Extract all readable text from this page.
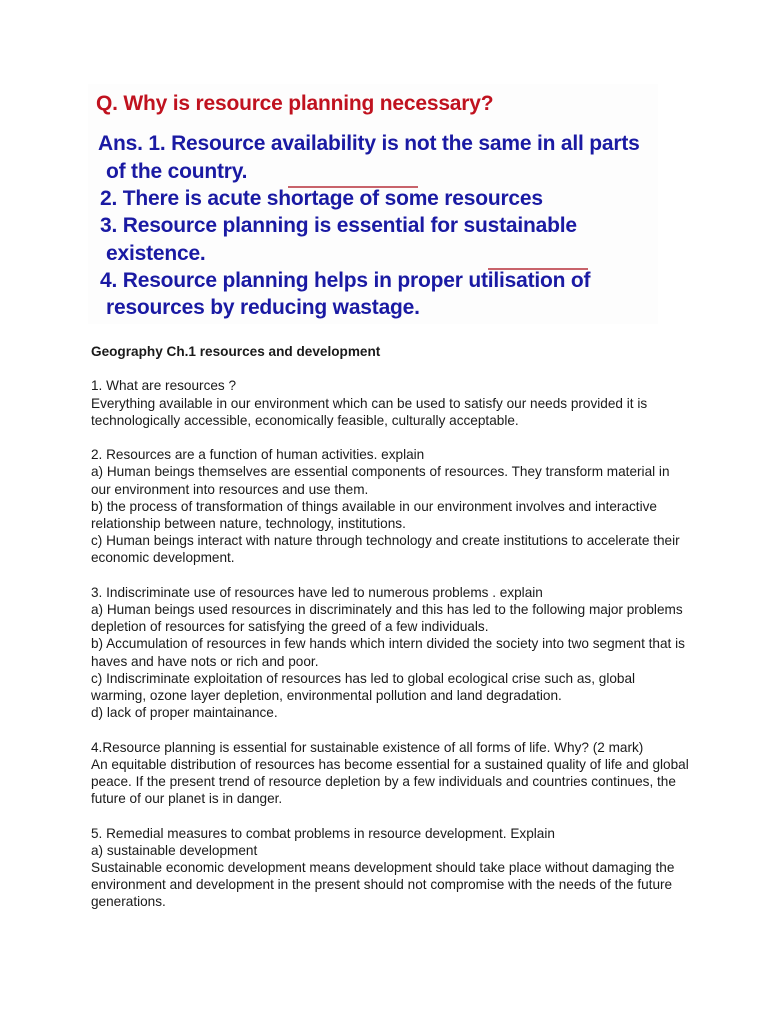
Q. Why is resource planning necessary?
Ans. 1. Resource availability is not the same in all parts
of the country.
2. There is acute shortage of some resources
3. Resource planning is essential for sustainable
existence.
4. Resource planning helps in proper utilisation of
resources by reducing wastage.

Geography Ch.1 resources and development

1. What are resources ?

Everything available in our environment which can be used to satisfy our needs provided it is technologically accessible, economically feasible, culturally acceptable.

2. Resources are a function of human activities. explain

a) Human beings themselves are essential components of resources. They transform material in our environment into resources and use them.

b) the process of transformation of things available in our environment involves and interactive relationship between nature, technology, institutions.

c) Human beings interact with nature through technology and create institutions to accelerate their economic development.

3. Indiscriminate use of resources have led to numerous problems . explain

a) Human beings used resources in discriminately and this has led to the following major problems depletion of resources for satisfying the greed of a few individuals.

b) Accumulation of resources in few hands which intern divided the society into two segment that is haves and have nots or rich and poor.

c) Indiscriminate exploitation of resources has led to global ecological crise such as, global warming, ozone layer depletion, environmental pollution and land degradation.

d) lack of proper maintainance.

4.Resource planning is essential for sustainable existence of all forms of life. Why? (2 mark)

An equitable distribution of resources has become essential for a sustained quality of life and global peace. If the present trend of resource depletion by a few individuals and countries continues, the future of our planet is in danger.

5. Remedial measures to combat problems in resource development. Explain

a) sustainable development

Sustainable economic development means development should take place without damaging the environment and development in the present should not compromise with the needs of the future generations.
